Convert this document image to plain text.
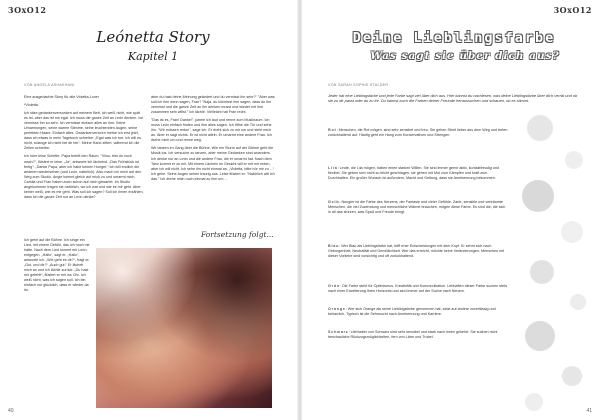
3OxO12
Leónetta Story
Kapitel 1
VON ANGELA ASHAKHANI

Eine ausgedachte Story für alle Violetta-Lover

*Violetta:

Ich sitze gedankenversunken auf meinem Bett. Ich weiß nicht, wie spät es ist, aber das ist mir egal. Ich muss die ganze Zeit an León denken. Ich vermisse ihn so sehr. Ich vermisse einfach alles an ihm: Seine Umarmungen, seine warme Stimme, seine leuchtenden Augen, seine perfekten Haare. Einfach alles. Gedankenverloren merke ich erst jetzt, dass ich etwas in mein Tagebuch schreibe: „Egal was ich tue, ich will es nicht, solange ich nicht bei dir bin“. Meine Hand zittert, während ich die Zeilen schreibe.

Ich höre leise Schritte. Papa betritt den Raum. "Viluu, bist du noch wach?", flüstert er leise. „Ja“, antworte ich lächelnd. „Das Frühstück ist fertig“. „Danke Papa, aber ich habe keinen Hunger.“ Ich will endlich die anderen wiedersehen (und León, natürlich). Also mach ich mich auf den Weg zum Studio. Angie kommt gleich auf mich zu und umarmt mich. Camila und Fran haben auch schon auf mich gewartet. Im Studio angekommen fragen sie natürlich, wo ich war und wie es mir geht. Aber keiner weiß, wie es mir geht. Was soll ich sagen? Soll ich ihnen erzählen, dass ich die ganze Zeit nur an León denke?

Ich gehe auf die Bühne. Ich singe ein Lied, mit einem Gefühl, das ich noch nie hatte. Nach dem Lied kommt mir León entgegen. „Hallo“, sagt er. „Hallo“, antworte ich. „Wie geht es dir?“, fragt er. „Gut, und dir?“ „Auch gut.“ Er lächelt mich an und ich lächle zurück. „Du hast mir gefehlt“, flüstert er mir ins Ohr. Ich weiß nicht, was ich sagen soll. Ich bin einfach nur glücklich, dass er wieder da ist.

aber du hast deine Meinung geändert und du vermisst ihn sehr?" "Aber was soll ich ihm denn sagen, Fran? "Naja, du könntest ihm sagen, dass du ihn vermisst und die ganze Zeit an ihn denken musst und wieder mit ihm zusammen sein willst." Ich lächle. Vielleicht hat Fran recht.

"Das ist es, Fran! Danke!", jubele ich laut und renne zum Musikraum. Ich muss León einfach finden und ihm alles sagen. Ich öffne die Tür und sehe ihn. "Wir müssen reden", sage ich. Er dreht sich zu mir um und sieht mich an. Aber er sagt nichts. Er ist nicht allein. Er umarmt eine andere Frau. Ich drehe mich um und renne weg.

Wir tanzen im Gang über die Bühne. Wie ein Sturm auf der Bühne geht die Musik los. Ich versuche zu tanzen, aber meine Gedanken sind woanders. Ich denke nur an León und die andere Frau, die er umarmt hat. Nach dem Tanz kommt er zu mir. Mit einem Lächeln im Gesicht will er mit mir reden, aber ich will nicht. Ich sehe ihn nicht einmal an. „Violetta, bitte hör mir zu ...“ Ich gehe. Seine Augen sehen traurig aus. Leise flüstert er: "Natürlich will ich das." Ich drehe mich noch einmal zu ihm um ...

Fortsetzung folgt...
40
3OxO12
Deine Lieblingsfarbe
Was sagt sie über dich aus?
VON SARAH SOPHIE STALDER
Jeder hat eine Lieblingsfarbe und jede Farbe sagt viel über dich aus. Hier kannst du nachlesen, was deine Lieblingsfarbe über dich verrät und ob sie zu dir passt oder du zu ihr. Du kannst auch die Farben deiner Freunde heraussuchen und schauen, ob es stimmt.
Rot: Menschen, die Rot mögen, sind sehr sensibel und treu. Sie gehen Streit lieber aus dem Weg und treten zurückhaltend auf. Häufig geht ein Hang zum Konservativen und Strengen.
Lila: Leute, die Lila mögen, haben einen starken Willen. Sie sind immer gerne aktiv, kontaktfreudig und flexibel. Sie geben sich nicht so leicht geschlagen, sie gehen mit Mut zum Kämpfen und kraft zum Durchhalten. Ein großer Wunsch ist außerdem, Macht und Geltung, dass sie Anerkennung bekommen.
Gelb: Neugier ist die Farbe des Herzens, der Fantasie und vieler Gefühle. Zarte, sensible und verträumte Menschen, die viel Zuwendung und menschliche Wärme brauchen, mögen diese Farbe. Es sind die, die sich in all das stürzen, was Spaß und Freude bringt.
Blau: Wer Blau als Lieblingsfarbe hat, trifft eher Entscheidungen mit dem Kopf. Er sehnt sich nach Geborgenheit, Neutralität und Gemütlichkeit. Wer das erreicht, möchte keine Veränderungen. Menschen mit dieser Vorliebe sind vorsichtig und oft zurückhaltend.
Grün: Die Farbe steht für Optimismus, Kreativität und Kommunikation. Lebhaften dieser Farbe suchen stets nach einer Erweiterung ihres Horizonts und sind immer auf der Suche nach Neuem.
Orange: Wer sich Orange als seine Lieblingsfarbe genommen hat, setzt auf andere zuverlässig und beharrlich. Typisch ist die Sehnsucht nach Anerkennung und Karriere.
Schwarz: Liebhaber von Schwarz sind sehr sensibel und stark nach innen gekehrt. Sie suchen nicht beschauliche Rückzugsmöglichkeiten, fern von Lärm und Trubel.
41
